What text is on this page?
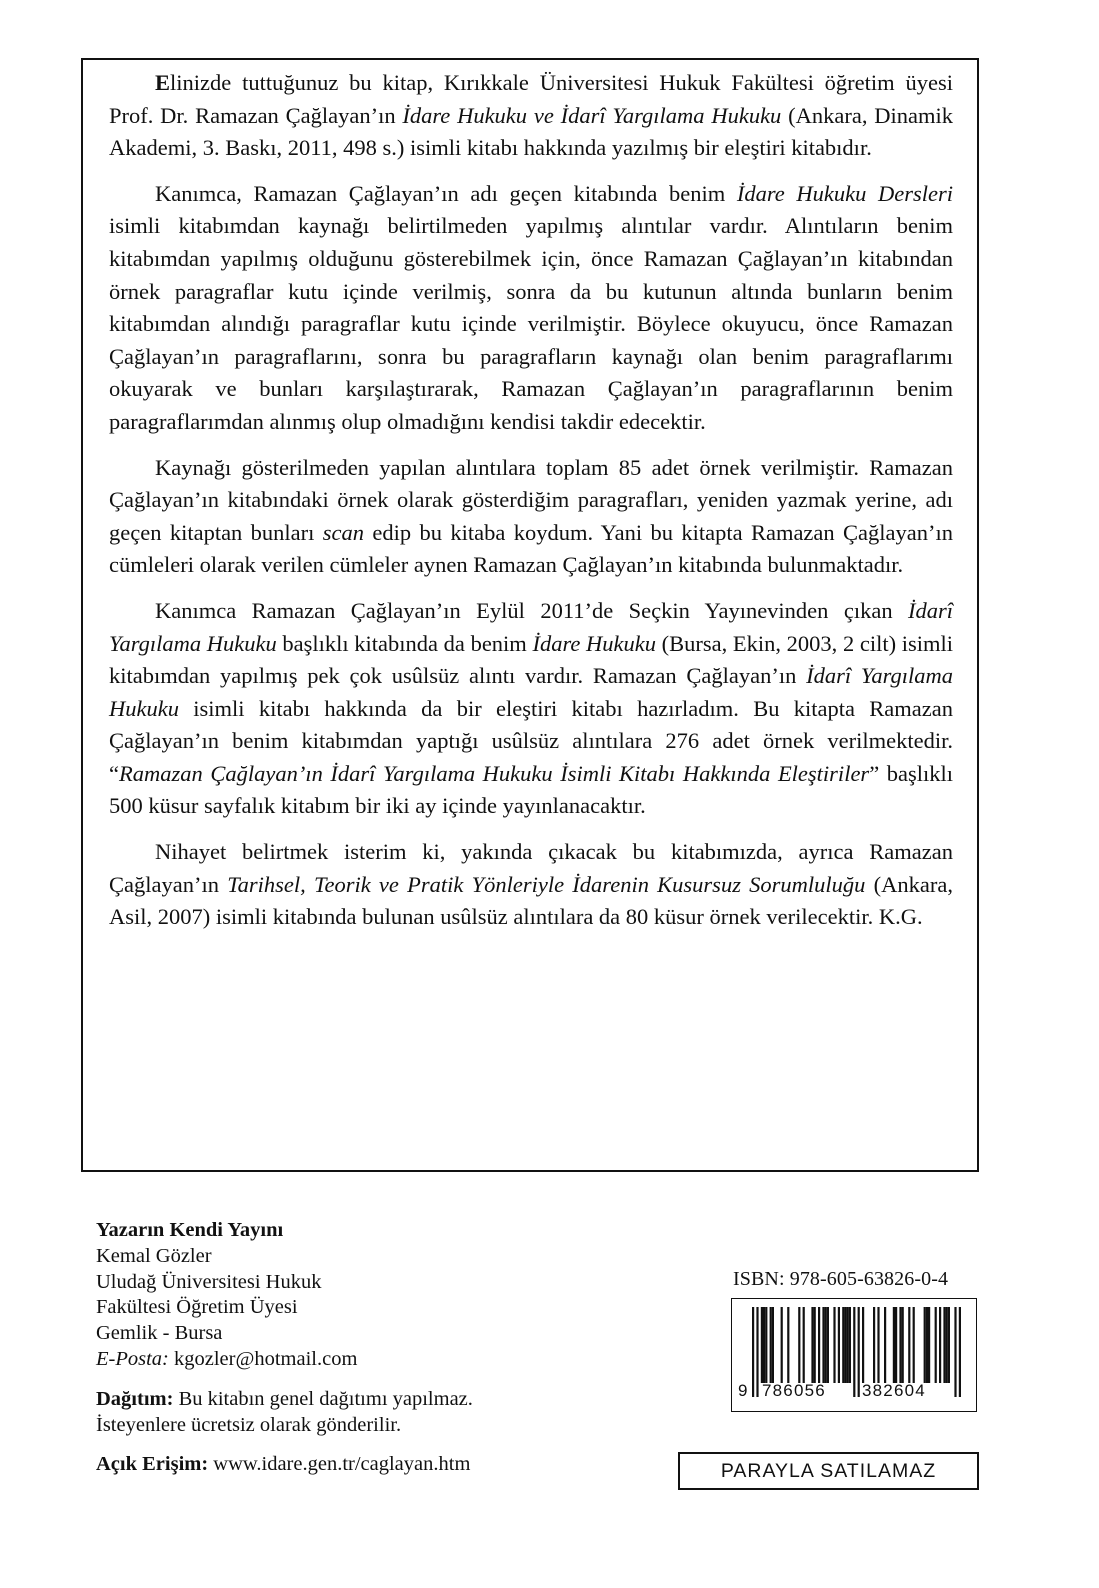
Elinizde tuttuğunuz bu kitap, Kırıkkale Üniversitesi Hukuk Fakültesi öğretim üyesi Prof. Dr. Ramazan Çağlayan’ın İdare Hukuku ve İdarî Yargılama Hukuku (Ankara, Dinamik Akademi, 3. Baskı, 2011, 498 s.) isimli kitabı hakkında yazılmış bir eleştiri kitabıdır.

Kanımca, Ramazan Çağlayan’ın adı geçen kitabında benim İdare Hukuku Dersleri isimli kitabımdan kaynağı belirtilmeden yapılmış alıntılar vardır. Alıntıların benim kitabımdan yapılmış olduğunu gösterebilmek için, önce Ramazan Çağlayan’ın kitabından örnek paragraflar kutu içinde verilmiş, sonra da bu kutunun altında bunların benim kitabımdan alındığı paragraflar kutu içinde verilmiştir. Böylece okuyucu, önce Ramazan Çağlayan’ın paragraflarını, sonra bu paragrafların kaynağı olan benim paragraflarımı okuyarak ve bunları karşılaştırarak, Ramazan Çağlayan’ın paragraflarının benim paragraflarımdan alınmış olup olmadığını kendisi takdir edecektir.

Kaynağı gösterilmeden yapılan alıntılara toplam 85 adet örnek verilmiştir. Ramazan Çağlayan’ın kitabındaki örnek olarak gösterdiğim paragrafları, yeniden yazmak yerine, adı geçen kitaptan bunları scan edip bu kitaba koydum. Yani bu kitapta Ramazan Çağlayan’ın cümleleri olarak verilen cümleler aynen Ramazan Çağlayan’ın kitabında bulunmaktadır.

Kanımca Ramazan Çağlayan’ın Eylül 2011’de Seçkin Yayınevinden çıkan İdarî Yargılama Hukuku başlıklı kitabında da benim İdare Hukuku (Bursa, Ekin, 2003, 2 cilt) isimli kitabımdan yapılmış pek çok usûlsüz alıntı vardır. Ramazan Çağlayan’ın İdarî Yargılama Hukuku isimli kitabı hakkında da bir eleştiri kitabı hazırladım. Bu kitapta Ramazan Çağlayan’ın benim kitabımdan yaptığı usûlsüz alıntılara 276 adet örnek verilmektedir. “Ramazan Çağlayan’ın İdarî Yargılama Hukuku İsimli Kitabı Hakkında Eleştiriler” başlıklı 500 küsur sayfalık kitabım bir iki ay içinde yayınlanacaktır.

Nihayet belirtmek isterim ki, yakında çıkacak bu kitabımızda, ayrıca Ramazan Çağlayan’ın Tarihsel, Teorik ve Pratik Yönleriyle İdarenin Kusursuz Sorumluluğu (Ankara, Asil, 2007) isimli kitabında bulunan usûlsüz alıntılara da 80 küsur örnek verilecektir. K.G.

Yazarın Kendi Yayını
Kemal Gözler
Uludağ Üniversitesi Hukuk
Fakültesi Öğretim Üyesi
Gemlik - Bursa
E-Posta: kgozler@hotmail.com
Dağıtım: Bu kitabın genel dağıtımı yapılmaz.
İsteyenlere ücretsiz olarak gönderilir.
Açık Erişim: www.idare.gen.tr/caglayan.htm
ISBN: 978-605-63826-0-4
9 786056 382604
PARAYLA SATILAMAZ
